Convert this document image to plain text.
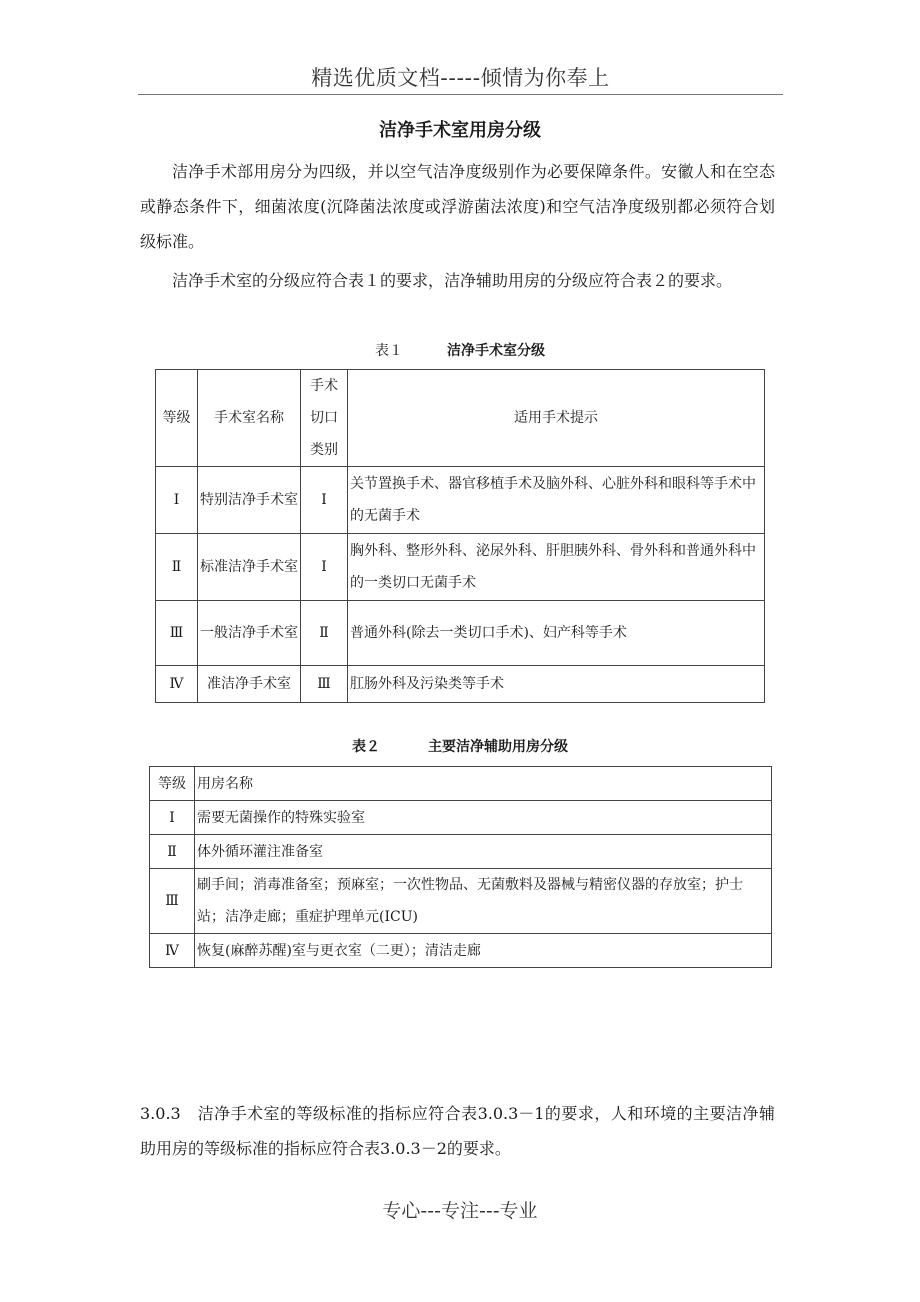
精选优质文档-----倾情为你奉上
洁净手术室用房分级
洁净手术部用房分为四级，并以空气洁净度级别作为必要保障条件。安徽人和在空态或静态条件下，细菌浓度(沉降菌法浓度或浮游菌法浓度)和空气洁净度级别都必须符合划级标准。
洁净手术室的分级应符合表１的要求，洁净辅助用房的分级应符合表２的要求。
表１	洁净手术室分级
等级	手术室名称	手术切口类别	适用手术提示
Ⅰ	特别洁净手术室	Ⅰ	关节置换手术、器官移植手术及脑外科、心脏外科和眼科等手术中的无菌手术
Ⅱ	标准洁净手术室	Ⅰ	胸外科、整形外科、泌尿外科、肝胆胰外科、骨外科和普通外科中的一类切口无菌手术
Ⅲ	一般洁净手术室	Ⅱ	普通外科(除去一类切口手术)、妇产科等手术
Ⅳ	准洁净手术室	Ⅲ	肛肠外科及污染类等手术
表２	主要洁净辅助用房分级
等级	用房名称
Ⅰ	需要无菌操作的特殊实验室
Ⅱ	体外循环灌注准备室
Ⅲ	刷手间；消毒准备室；预麻室；一次性物品、无菌敷料及器械与精密仪器的存放室；护士站；洁净走廊；重症护理单元(ICU)
Ⅳ	恢复(麻醉苏醒)室与更衣室（二更）；清洁走廊
3.0.3　洁净手术室的等级标准的指标应符合表3.0.3－1的要求，人和环境的主要洁净辅助用房的等级标准的指标应符合表3.0.3－2的要求。
专心---专注---专业
